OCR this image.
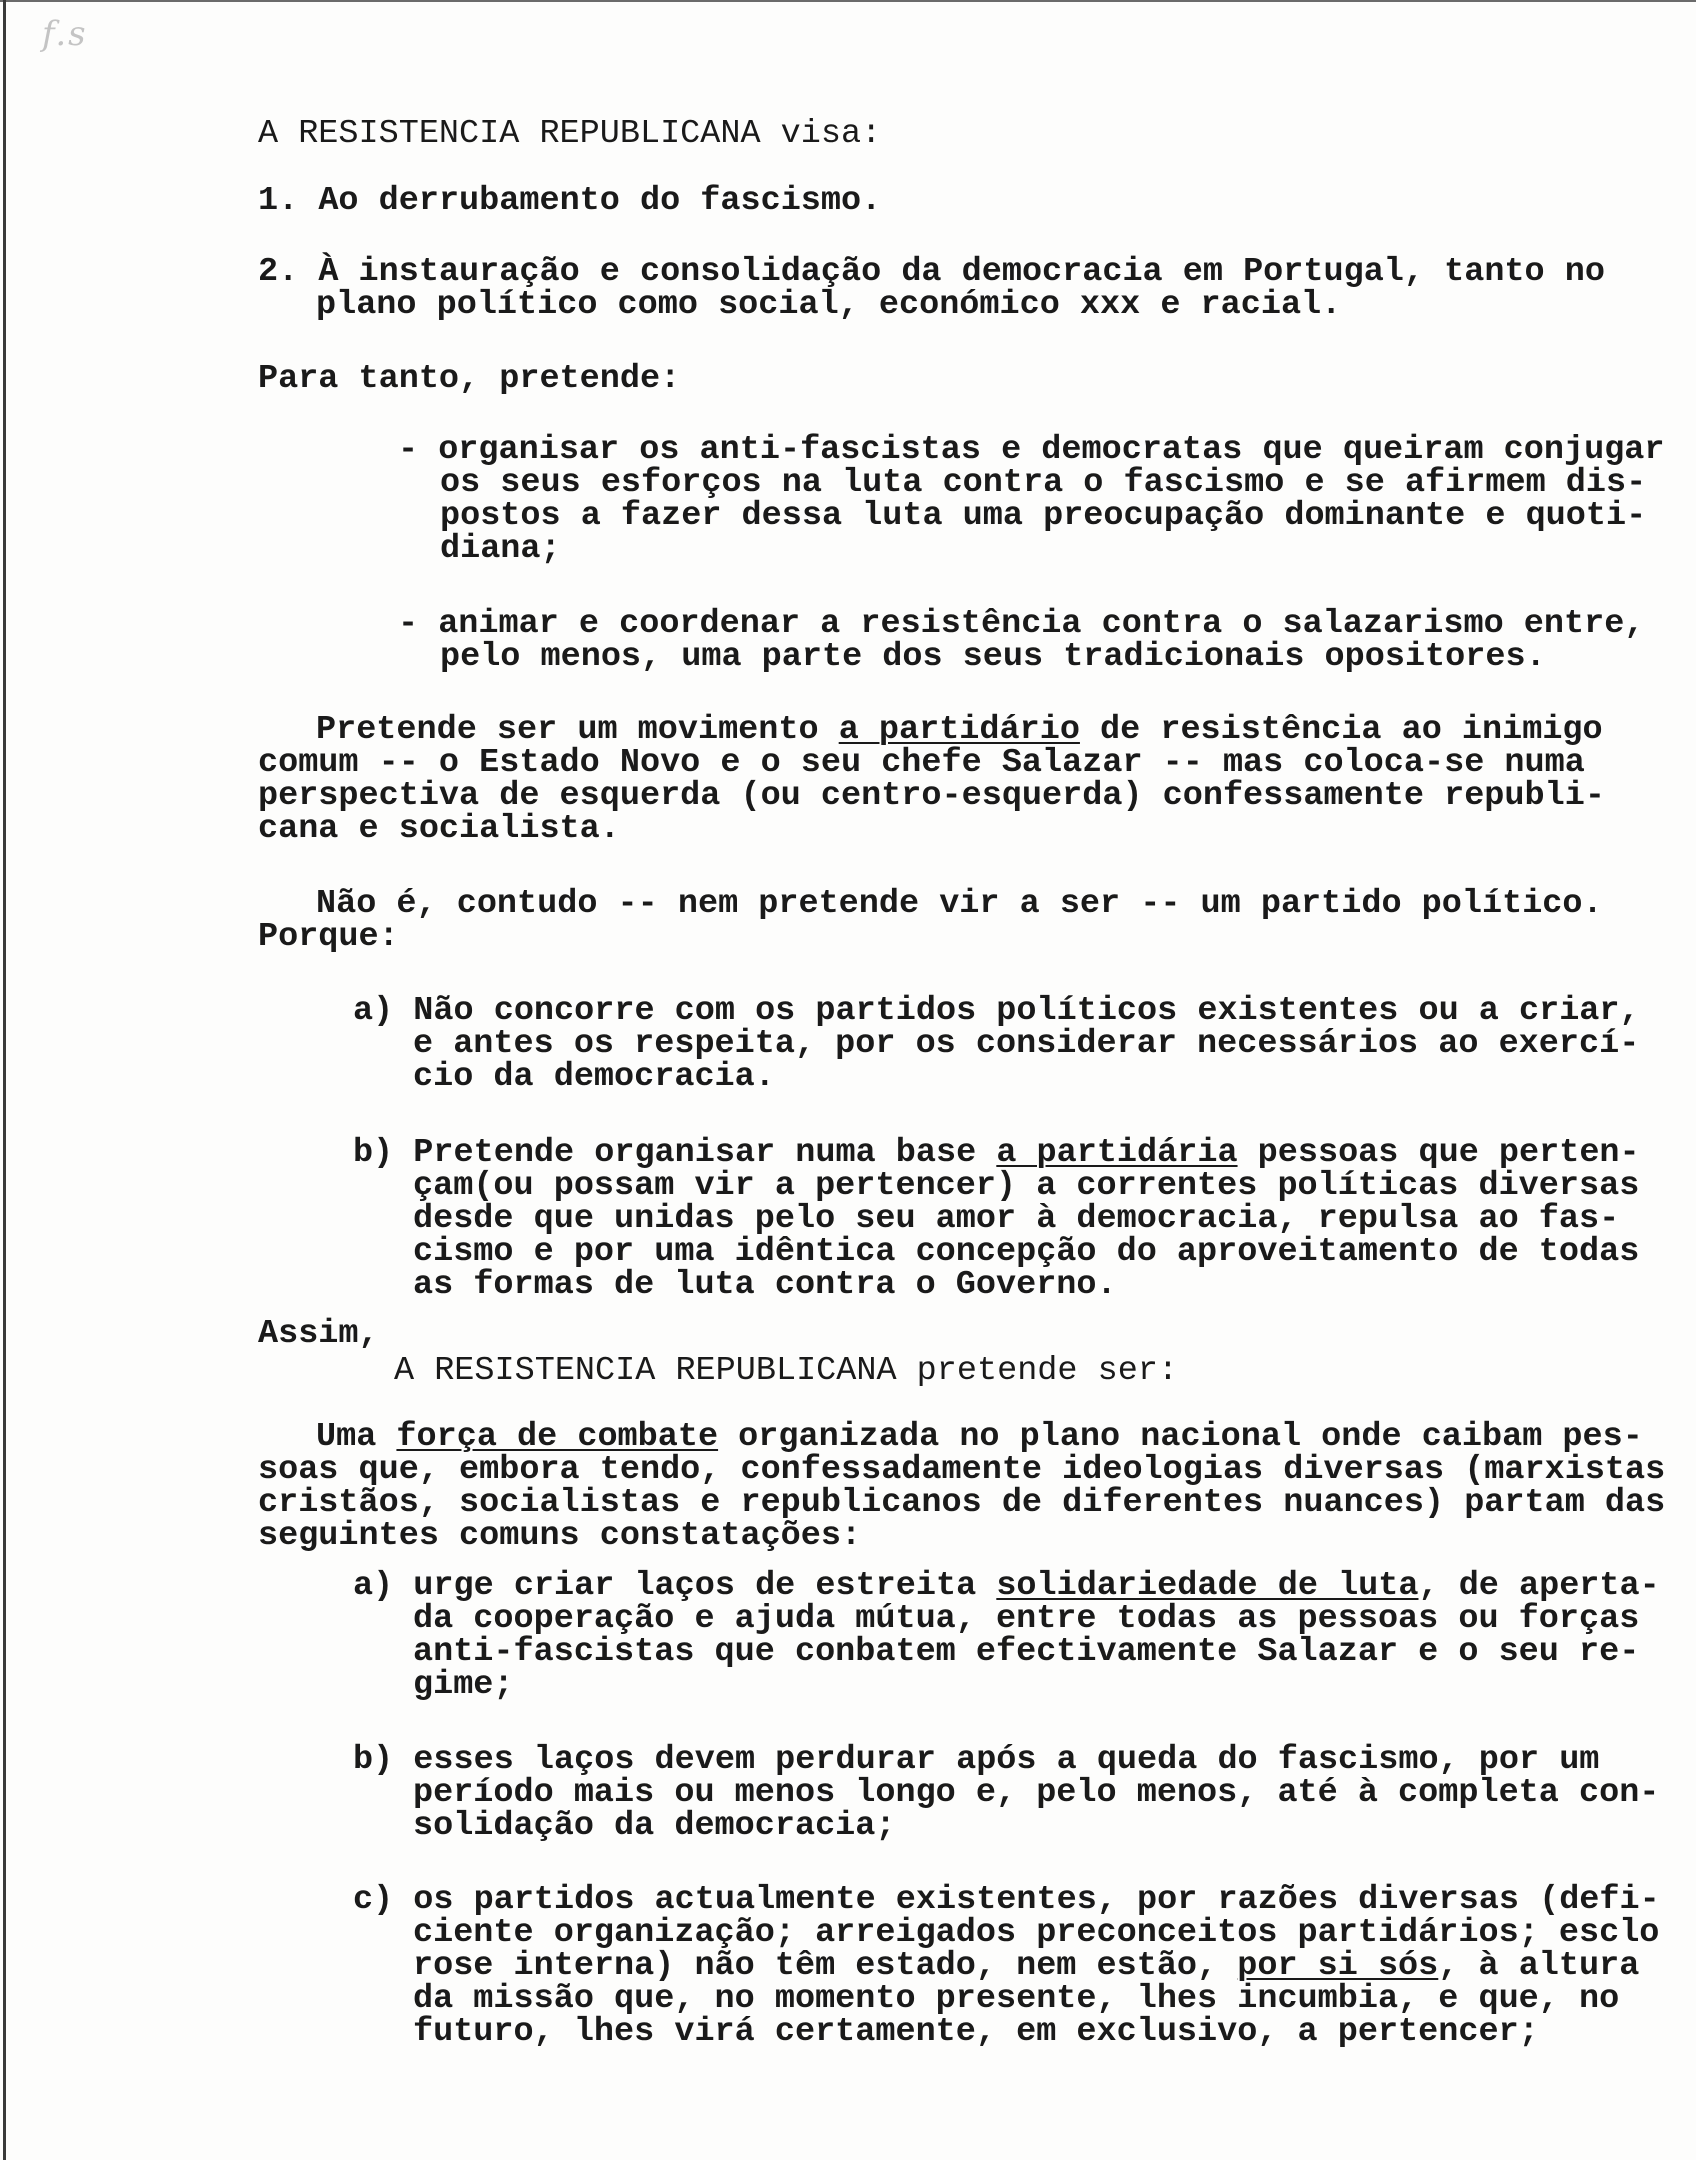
f.s
A RESISTENCIA REPUBLICANA visa:
1. Ao derrubamento do fascismo.
2. À instauração e consolidação da democracia em Portugal, tanto no
plano político como social, económico xxx e racial.
Para tanto, pretende:
- organisar os anti-fascistas e democratas que queiram conjugar
os seus esforços na luta contra o fascismo e se afirmem dis-
postos a fazer dessa luta uma preocupação dominante e quoti-
diana;
- animar e coordenar a resistência contra o salazarismo entre,
pelo menos, uma parte dos seus tradicionais opositores.
Pretende ser um movimento a partidário de resistência ao inimigo
comum -- o Estado Novo e o seu chefe Salazar -- mas coloca-se numa
perspectiva de esquerda (ou centro-esquerda) confessamente republi-
cana e socialista.
Não é, contudo -- nem pretende vir a ser -- um partido político.
Porque:
a) Não concorre com os partidos políticos existentes ou a criar,
e antes os respeita, por os considerar necessários ao exercí-
cio da democracia.
b) Pretende organisar numa base a partidária pessoas que perten-
çam(ou possam vir a pertencer) a correntes políticas diversas
desde que unidas pelo seu amor à democracia, repulsa ao fas-
cismo e por uma idêntica concepção do aproveitamento de todas
as formas de luta contra o Governo.
Assim,
A RESISTENCIA REPUBLICANA pretende ser:
Uma força de combate organizada no plano nacional onde caibam pes-
soas que, embora tendo, confessadamente ideologias diversas (marxistas
cristãos, socialistas e republicanos de diferentes nuances) partam das
seguintes comuns constatações:
a) urge criar laços de estreita solidariedade de luta, de aperta-
da cooperação e ajuda mútua, entre todas as pessoas ou forças
anti-fascistas que conbatem efectivamente Salazar e o seu re-
gime;
b) esses laços devem perdurar após a queda do fascismo, por um
período mais ou menos longo e, pelo menos, até à completa con-
solidação da democracia;
c) os partidos actualmente existentes, por razões diversas (defi-
ciente organização; arreigados preconceitos partidários; esclo
rose interna) não têm estado, nem estão, por si sós, à altura
da missão que, no momento presente, lhes incumbia, e que, no
futuro, lhes virá certamente, em exclusivo, a pertencer;
